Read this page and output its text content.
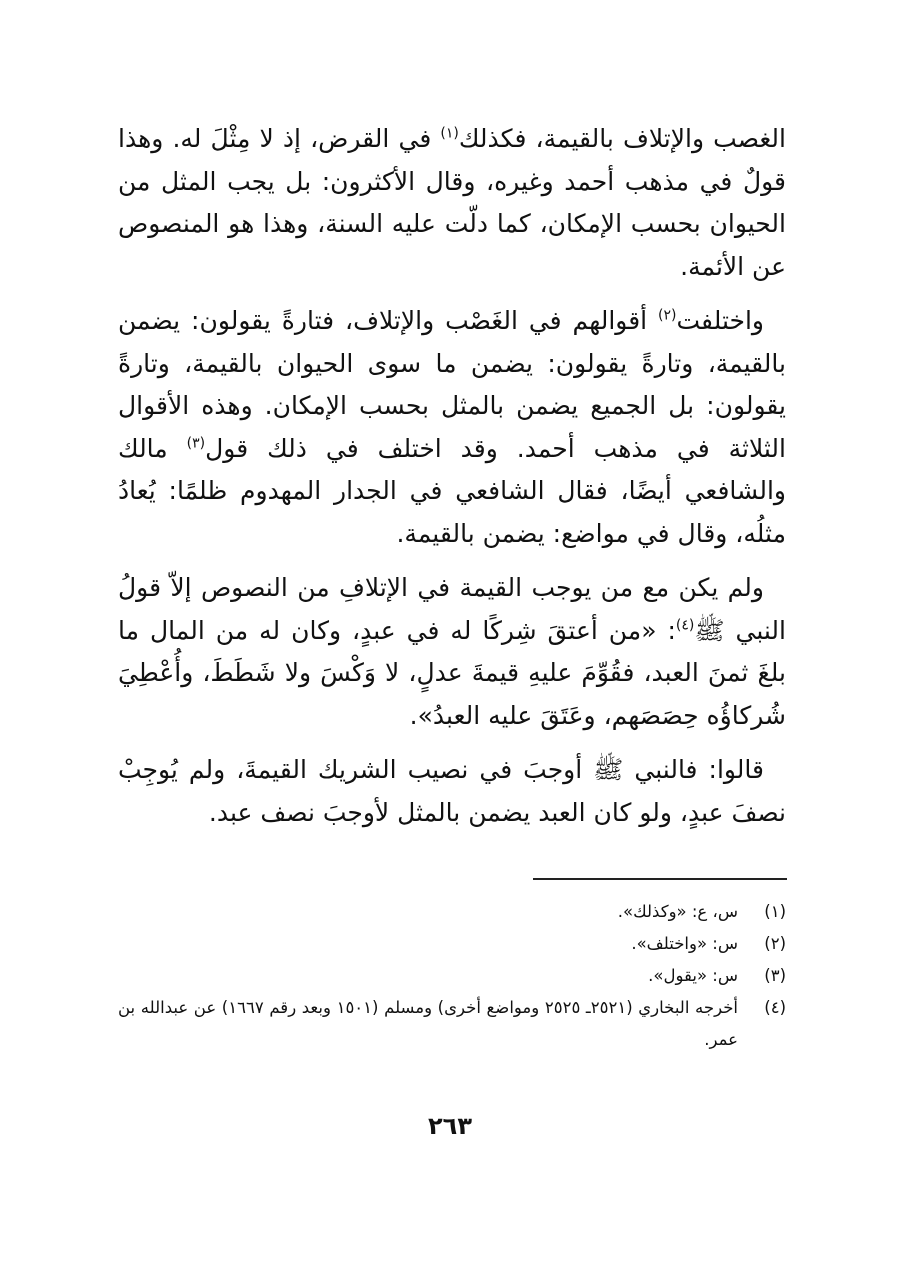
الغصب والإتلاف بالقيمة، فكذلك$^{(١)}$ في القرض، إذ لا مِثْلَ له. وهذا قولٌ في مذهب أحمد وغيره، وقال الأكثرون: بل يجب المثل من الحيوان بحسب الإمكان، كما دلّت عليه السنة، وهذا هو المنصوص عن الأئمة.

واختلفت$^{(٢)}$ أقوالهم في الغَصْب والإتلاف، فتارةً يقولون: يضمن بالقيمة، وتارةً يقولون: يضمن ما سوى الحيوان بالقيمة، وتارةً يقولون: بل الجميع يضمن بالمثل بحسب الإمكان. وهذه الأقوال الثلاثة في مذهب أحمد. وقد اختلف في ذلك قول$^{(٣)}$ مالك والشافعي أيضًا، فقال الشافعي في الجدار المهدوم ظلمًا: يُعادُ مثلُه، وقال في مواضع: يضمن بالقيمة.

ولم يكن مع من يوجب القيمة في الإتلافِ من النصوص إلاّ قولُ النبي ﷺ$^{(٤)}$: «من أعتقَ شِركًا له في عبدٍ، وكان له من المال ما بلغَ ثمنَ العبد، فقُوِّمَ عليهِ قيمةَ عدلٍ، لا وَكْسَ ولا شَطَطَ، وأُعْطِيَ شُركاؤُه حِصَصَهم، وعَتَقَ عليه العبدُ».

قالوا: فالنبي ﷺ أوجبَ في نصيب الشريك القيمةَ، ولم يُوجِبْ نصفَ عبدٍ، ولو كان العبد يضمن بالمثل لأوجبَ نصف عبد.

(١)
س، ع: «وكذلك».
(٢)
س: «واختلف».
(٣)
س: «يقول».
(٤)
أخرجه البخاري (٢٥٢١ـ ٢٥٢٥ ومواضع أخرى) ومسلم (١٥٠١ وبعد رقم ١٦٦٧) عن عبدالله بن عمر.
٢٦٣
